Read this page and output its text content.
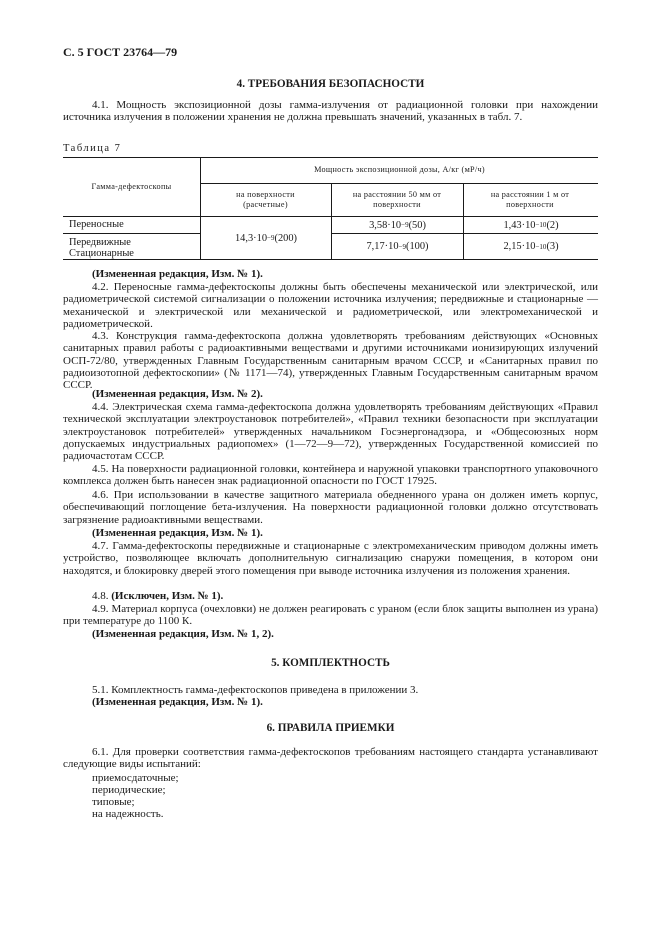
С. 5 ГОСТ 23764—79
4. ТРЕБОВАНИЯ БЕЗОПАСНОСТИ

4.1. Мощность экспозиционной дозы гамма-излучения от радиационной головки при нахождении источника излучения в положении хранения не должна превышать значений, указанных в табл. 7.

Таблица 7
Гамма-дефектоскопы
Мощность экспозиционной дозы, А/кг (мР/ч)
на поверхности (расчетные)
на расстоянии 50 мм от поверхности
на расстоянии 1 м от поверхности
Переносные
Передвижные
Стационарные
14,3·10 −9 (200)
3,58·10 −9 (50)	1,43·10 −10 (2)
7,17·10 −9 (100)	2,15·10 −10 (3)

(Измененная редакция, Изм. № 1).

4.2. Переносные гамма-дефектоскопы должны быть обеспечены механической или электрической, или радиометрической системой сигнализации о положении источника излучения; передвижные и стационарные — механической и электрической или механической и радиометрической, или электромеханической и радиометрической.

4.3. Конструкция гамма-дефектоскопа должна удовлетворять требованиям действующих «Основных санитарных правил работы с радиоактивными веществами и другими источниками ионизирующих излучений ОСП-72/80, утвержденных Главным Государственным санитарным врачом СССР, и «Санитарных правил по радиоизотопной дефектоскопии» (№ 1171—74), утвержденных Главным Государственным санитарным врачом СССР.

(Измененная редакция, Изм. № 2).

4.4. Электрическая схема гамма-дефектоскопа должна удовлетворять требованиям действующих «Правил технической эксплуатации электроустановок потребителей», «Правил техники безопасности при эксплуатации электроустановок потребителей» утвержденных начальником Госэнергонадзора, и «Общесоюзных норм допускаемых индустриальных радиопомех» (1—72—9—72), утвержденных Государственной комиссией по радиочастотам СССР.

4.5. На поверхности радиационной головки, контейнера и наружной упаковки транспортного упаковочного комплекса должен быть нанесен знак радиационной опасности по ГОСТ 17925.

4.6. При использовании в качестве защитного материала обедненного урана он должен иметь корпус, обеспечивающий поглощение бета-излучения. На поверхности радиационной головки должно отсутствовать загрязнение радиоактивными веществами.

(Измененная редакция, Изм. № 1).

4.7. Гамма-дефектоскопы передвижные и стационарные с электромеханическим приводом должны иметь устройство, позволяющее включать дополнительную сигнализацию снаружи помещения, в котором они находятся, и блокировку дверей этого помещения при выводе источника излучения из положения хранения.

4.8. (Исключен, Изм. № 1).

4.9. Материал корпуса (очехловки) не должен реагировать с ураном (если блок защиты выполнен из урана) при температуре до 1100 К.

(Измененная редакция, Изм. № 1, 2).

5. КОМПЛЕКТНОСТЬ

5.1. Комплектность гамма-дефектоскопов приведена в приложении 3.

(Измененная редакция, Изм. № 1).

6. ПРАВИЛА ПРИЕМКИ

6.1. Для проверки соответствия гамма-дефектоскопов требованиям настоящего стандарта устанавливают следующие виды испытаний:

приемосдаточные;
периодические;
типовые;
на надежность.
